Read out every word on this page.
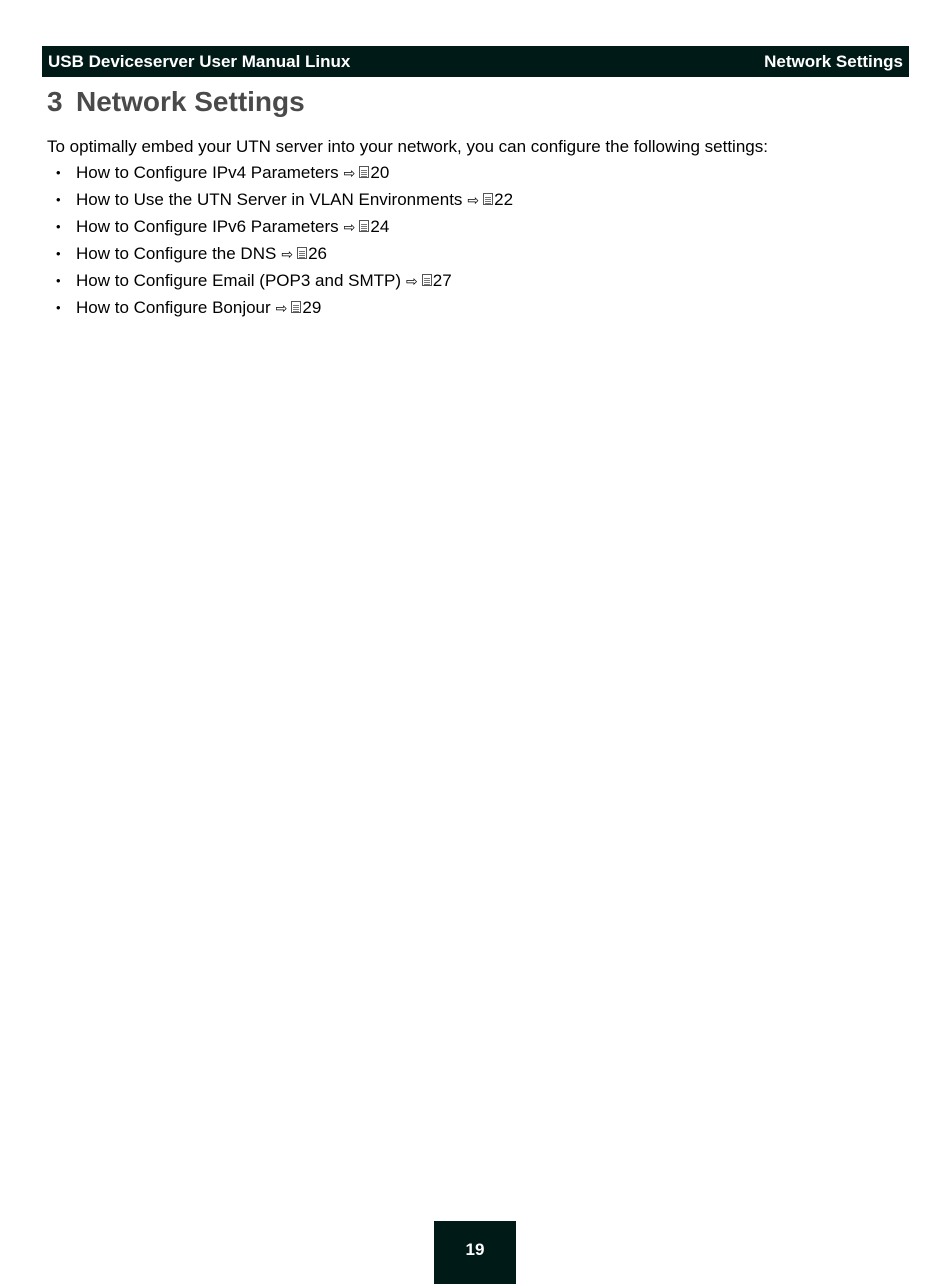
USB Deviceserver User Manual Linux	Network Settings
3 Network Settings

To optimally embed your UTN server into your network, you can configure the following settings:

• How to Configure IPv4 Parameters ⇨ 20
• How to Use the UTN Server in VLAN Environments ⇨ 22
• How to Configure IPv6 Parameters ⇨ 24
• How to Configure the DNS ⇨ 26
• How to Configure Email (POP3 and SMTP) ⇨ 27
• How to Configure Bonjour ⇨ 29
19
